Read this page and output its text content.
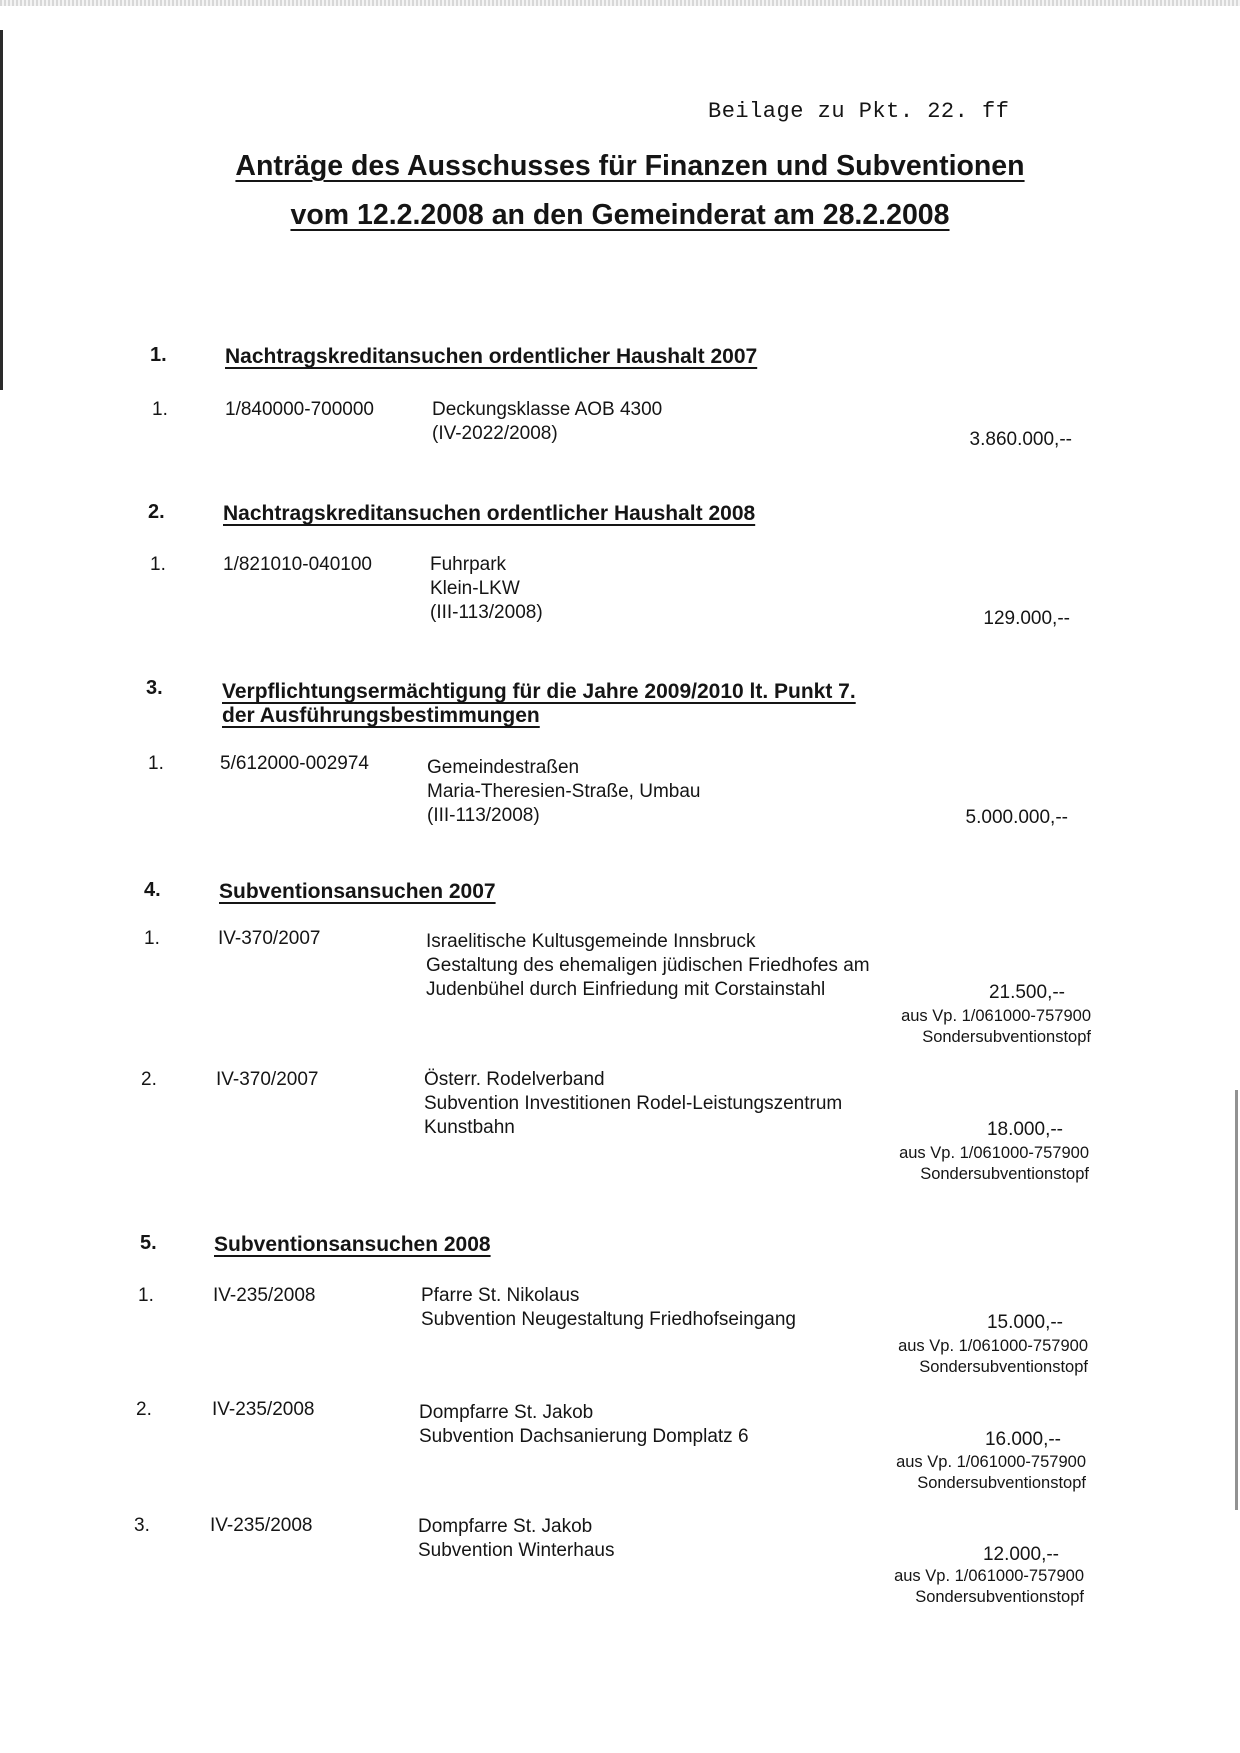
Beilage zu Pkt. 22. ff
Anträge des Ausschusses für Finanzen und Subventionen
vom 12.2.2008 an den Gemeinderat am 28.2.2008
1.	Nachtragskreditansuchen ordentlicher Haushalt 2007
1.	1/840000-700000	Deckungsklasse AOB 4300
(IV-2022/2008)	3.860.000,--
2.	Nachtragskreditansuchen ordentlicher Haushalt 2008
1.	1/821010-040100	Fuhrpark
Klein-LKW
(III-113/2008)	129.000,--
3.	Verpflichtungsermächtigung für die Jahre 2009/2010 lt. Punkt 7.
der Ausführungsbestimmungen
1.	5/612000-002974	Gemeindestraßen
Maria-Theresien-Straße, Umbau
(III-113/2008)	5.000.000,--
4.	Subventionsansuchen 2007
1.	IV-370/2007	Israelitische Kultusgemeinde Innsbruck
Gestaltung des ehemaligen jüdischen Friedhofes am
Judenbühel durch Einfriedung mit Corstainstahl	21.500,--
aus Vp. 1/061000-757900
Sondersubventionstopf
2.	IV-370/2007	Österr. Rodelverband
Subvention Investitionen Rodel-Leistungszentrum
Kunstbahn	18.000,--
aus Vp. 1/061000-757900
Sondersubventionstopf
5.	Subventionsansuchen 2008
1.	IV-235/2008	Pfarre St. Nikolaus
Subvention Neugestaltung Friedhofseingang	15.000,--
aus Vp. 1/061000-757900
Sondersubventionstopf
2.	IV-235/2008	Dompfarre St. Jakob
Subvention Dachsanierung Domplatz 6	16.000,--
aus Vp. 1/061000-757900
Sondersubventionstopf
3.	IV-235/2008	Dompfarre St. Jakob
Subvention Winterhaus	12.000,--
aus Vp. 1/061000-757900
Sondersubventionstopf
